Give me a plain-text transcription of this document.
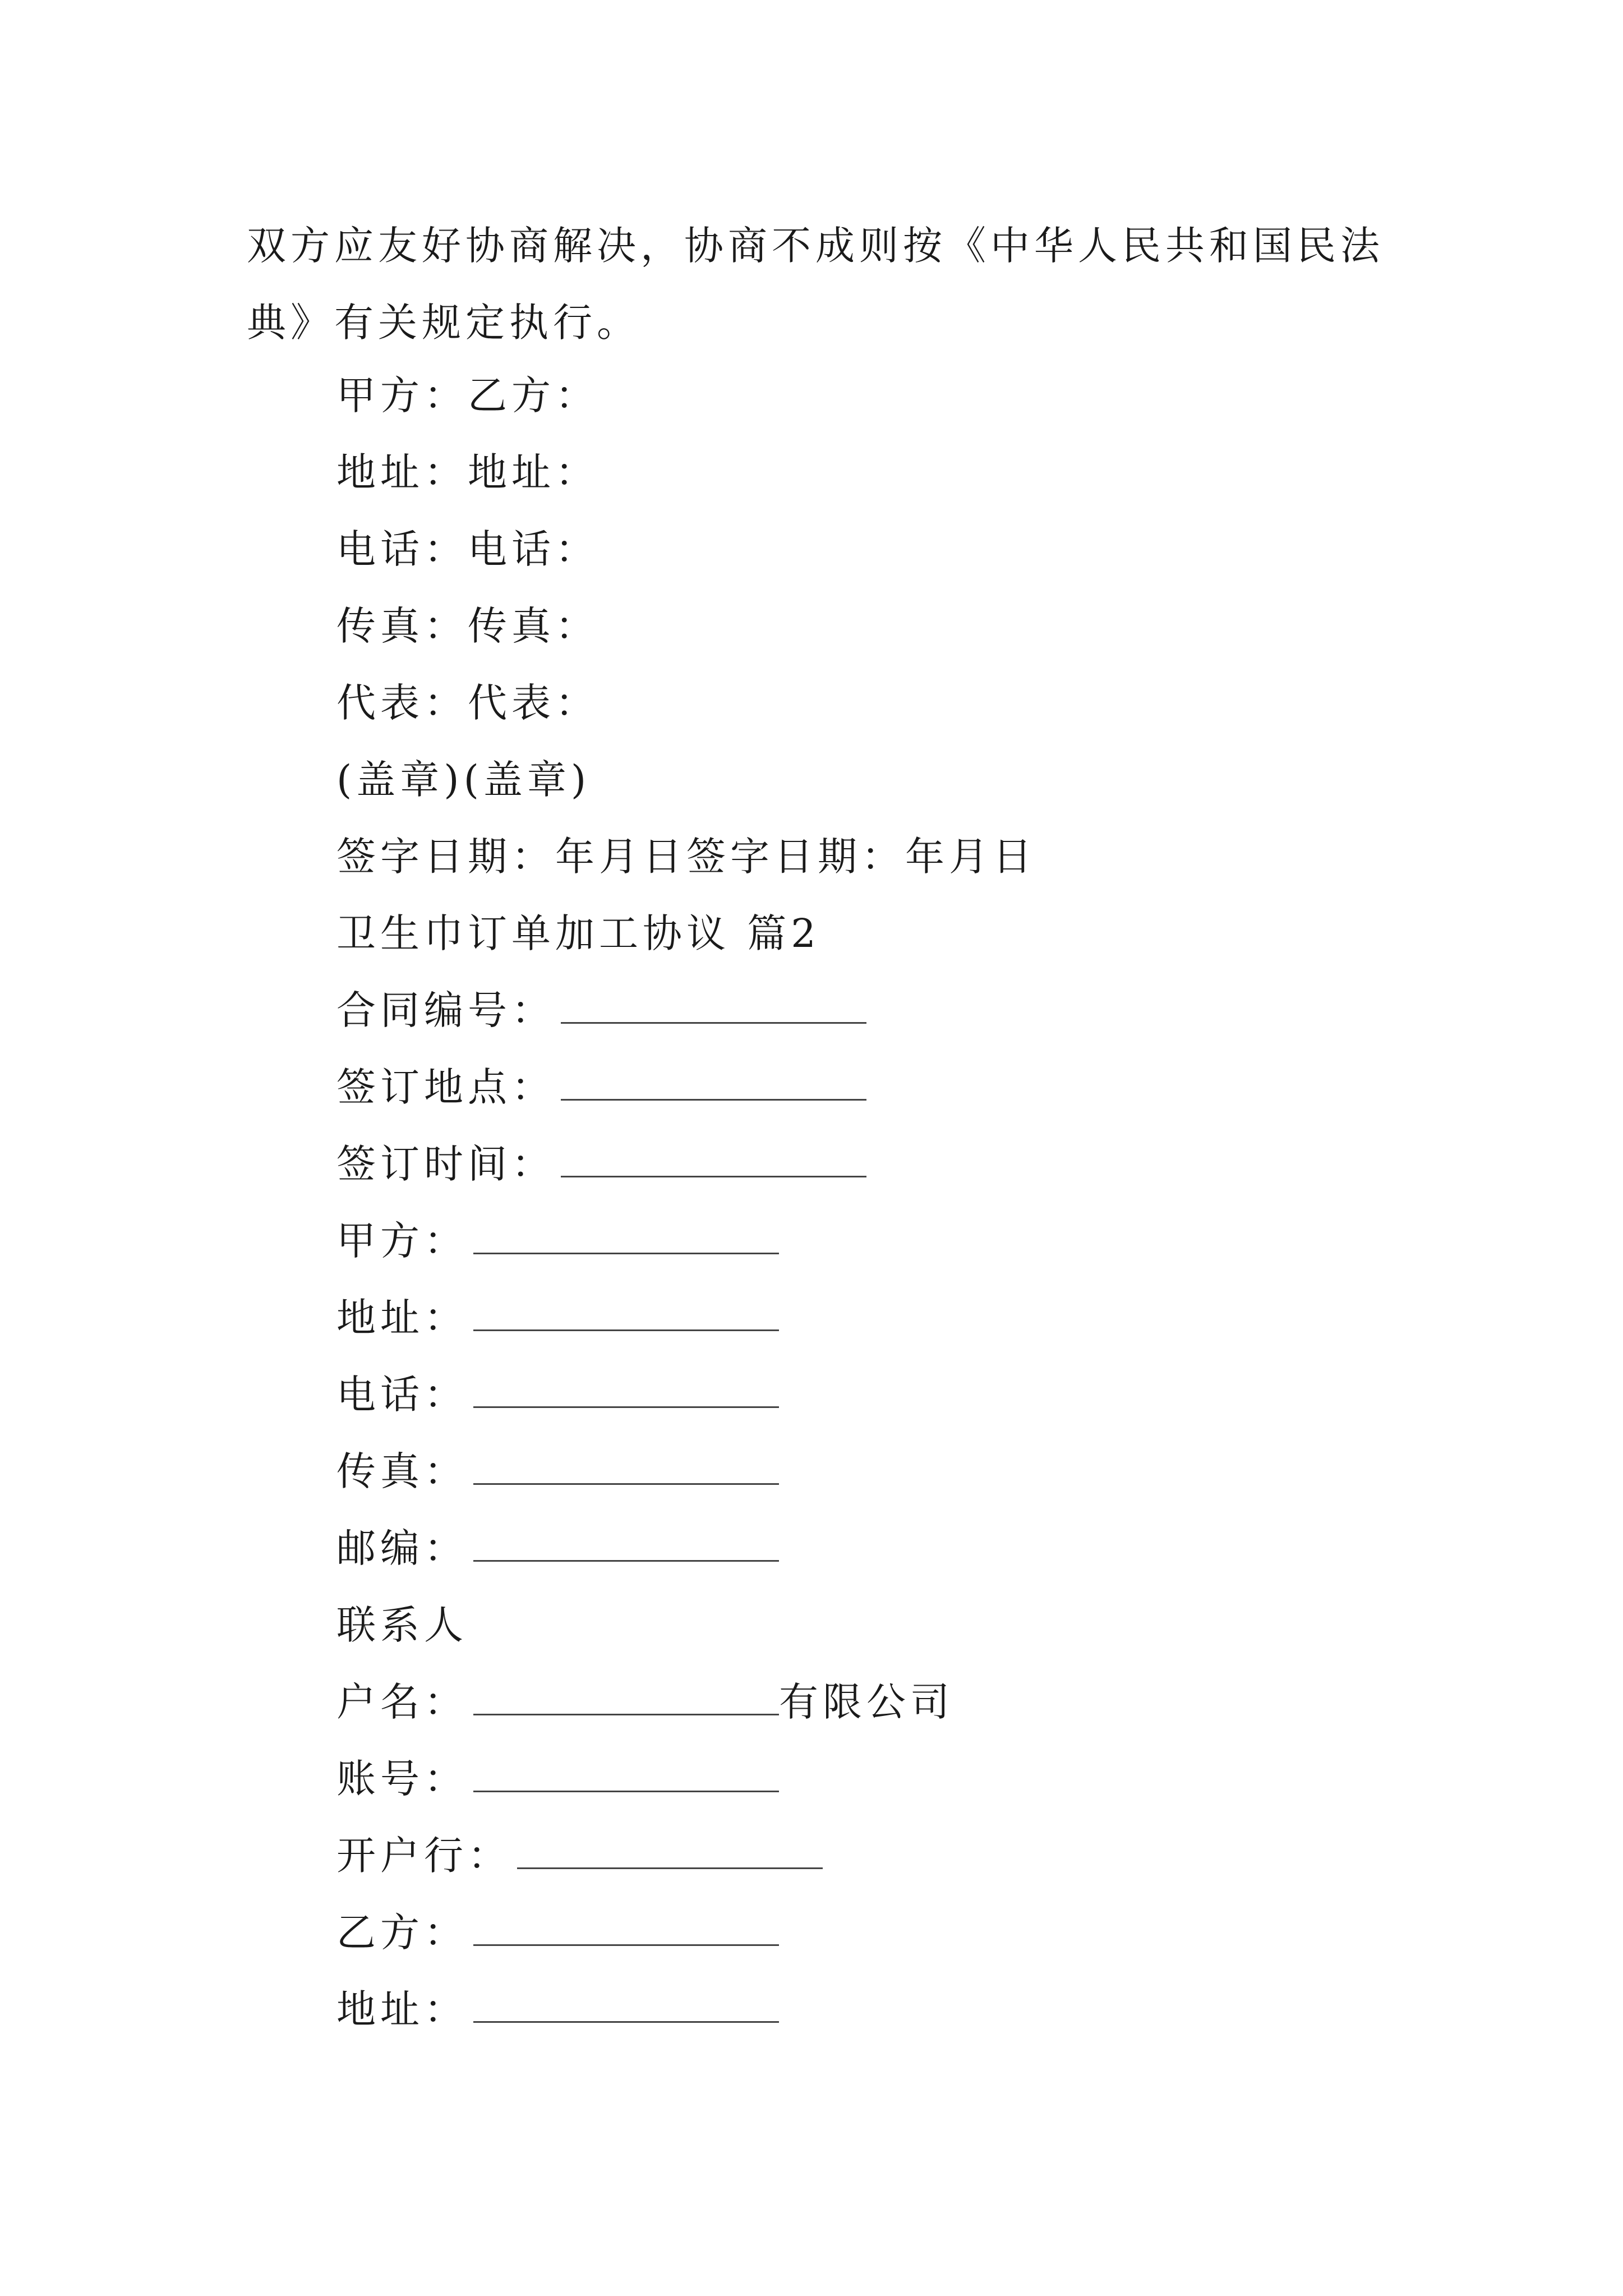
双方应友好协商解决，协商不成则按《中华人民共和国民法典》有关规定执行。

甲方：乙方：
地址：地址：
电话：电话：
传真：传真：
代表：代表：
(盖章)(盖章)
签字日期：年月日签字日期：年月日
卫生巾订单加工协议 篇2
合同编号：
签订地点：
签订时间：
甲方：
地址：
电话：
传真：
邮编：
联系人
户名：	有限公司
账号：
开户行：
乙方：
地址：
